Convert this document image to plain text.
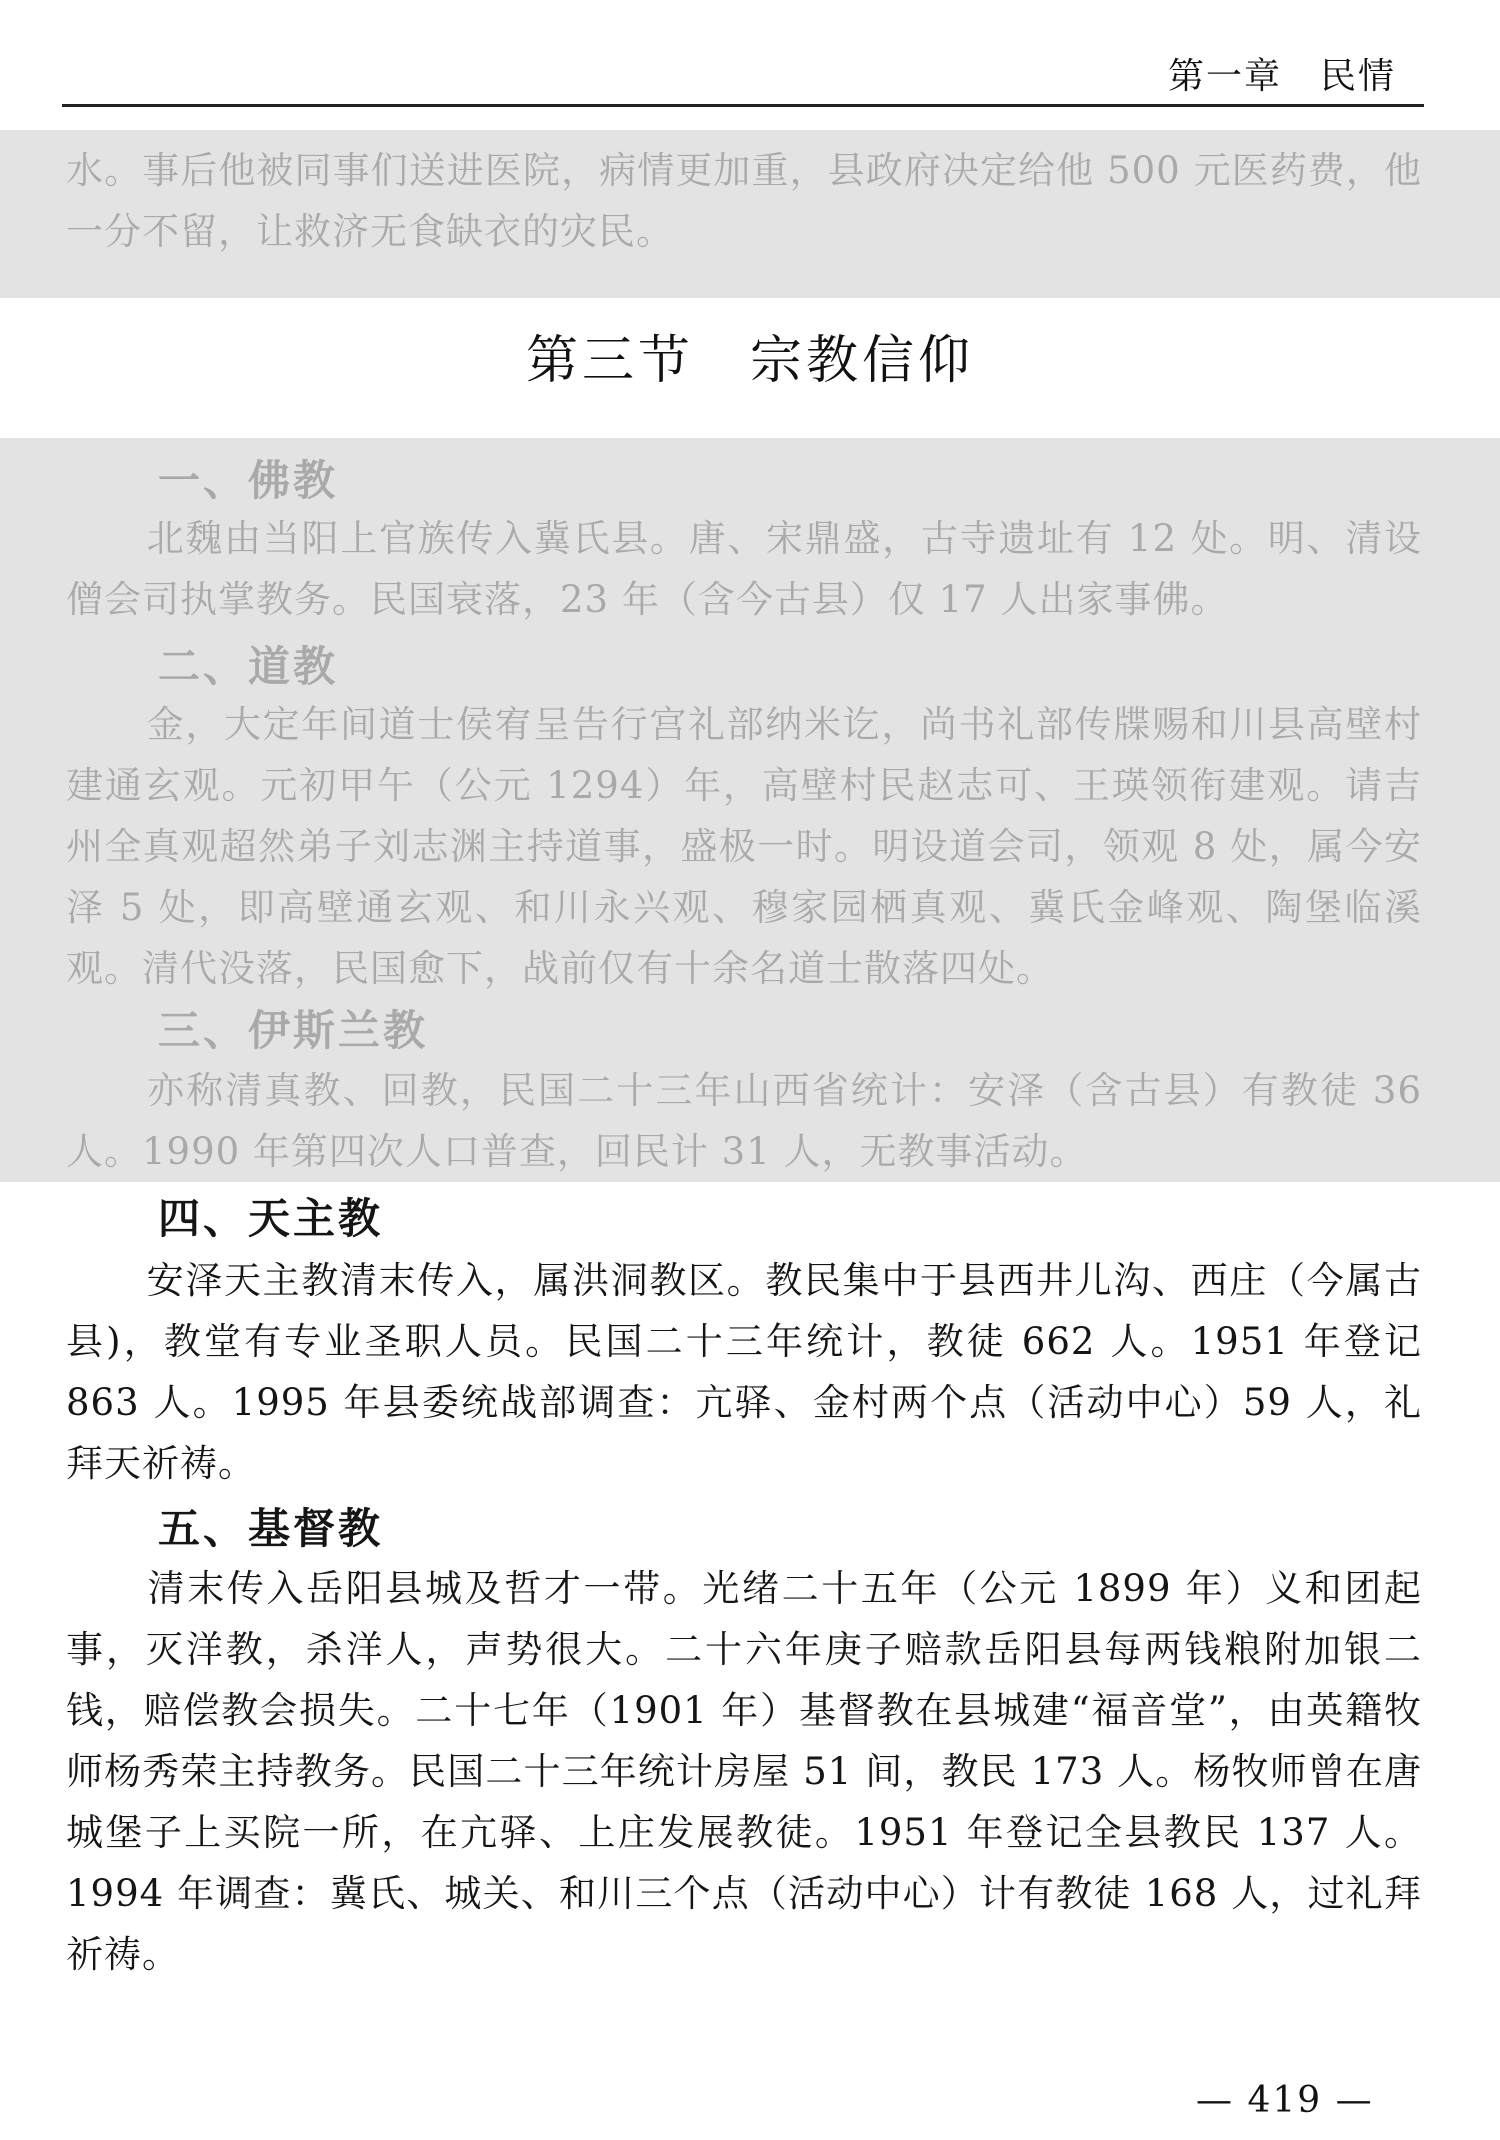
第一章　民情

水。事后他被同事们送进医院，病情更加重，县政府决定给他 500 元医药费，他一分不留，让救济无食缺衣的灾民。

第三节　宗教信仰
一、佛教

北魏由当阳上官族传入冀氏县。唐、宋鼎盛，古寺遗址有 12 处。明、清设僧会司执掌教务。民国衰落，23 年（含今古县）仅 17 人出家事佛。

二、道教

金，大定年间道士侯宥呈告行宫礼部纳米讫，尚书礼部传牒赐和川县高壁村建通玄观。元初甲午（公元 1294）年，高壁村民赵志可、王瑛领衔建观。请吉州全真观超然弟子刘志渊主持道事，盛极一时。明设道会司，领观 8 处，属今安泽 5 处，即高壁通玄观、和川永兴观、穆家园栖真观、冀氏金峰观、陶堡临溪观。清代没落，民国愈下，战前仅有十余名道士散落四处。

三、伊斯兰教

亦称清真教、回教，民国二十三年山西省统计：安泽（含古县）有教徒 36 人。1990 年第四次人口普查，回民计 31 人，无教事活动。

四、天主教

安泽天主教清末传入，属洪洞教区。教民集中于县西井儿沟、西庄（今属古县)，教堂有专业圣职人员。民国二十三年统计，教徒 662 人。1951 年登记 863 人。1995 年县委统战部调查：亢驿、金村两个点（活动中心）59 人，礼拜天祈祷。

五、基督教

清末传入岳阳县城及哲才一带。光绪二十五年（公元 1899 年）义和团起事，灭洋教，杀洋人，声势很大。二十六年庚子赔款岳阳县每两钱粮附加银二钱，赔偿教会损失。二十七年（1901 年）基督教在县城建“福音堂”，由英籍牧师杨秀荣主持教务。民国二十三年统计房屋 51 间，教民 173 人。杨牧师曾在唐城堡子上买院一所，在亢驿、上庄发展教徒。1951 年登记全县教民 137 人。1994 年调查：冀氏、城关、和川三个点（活动中心）计有教徒 168 人，过礼拜祈祷。

— 419 —
